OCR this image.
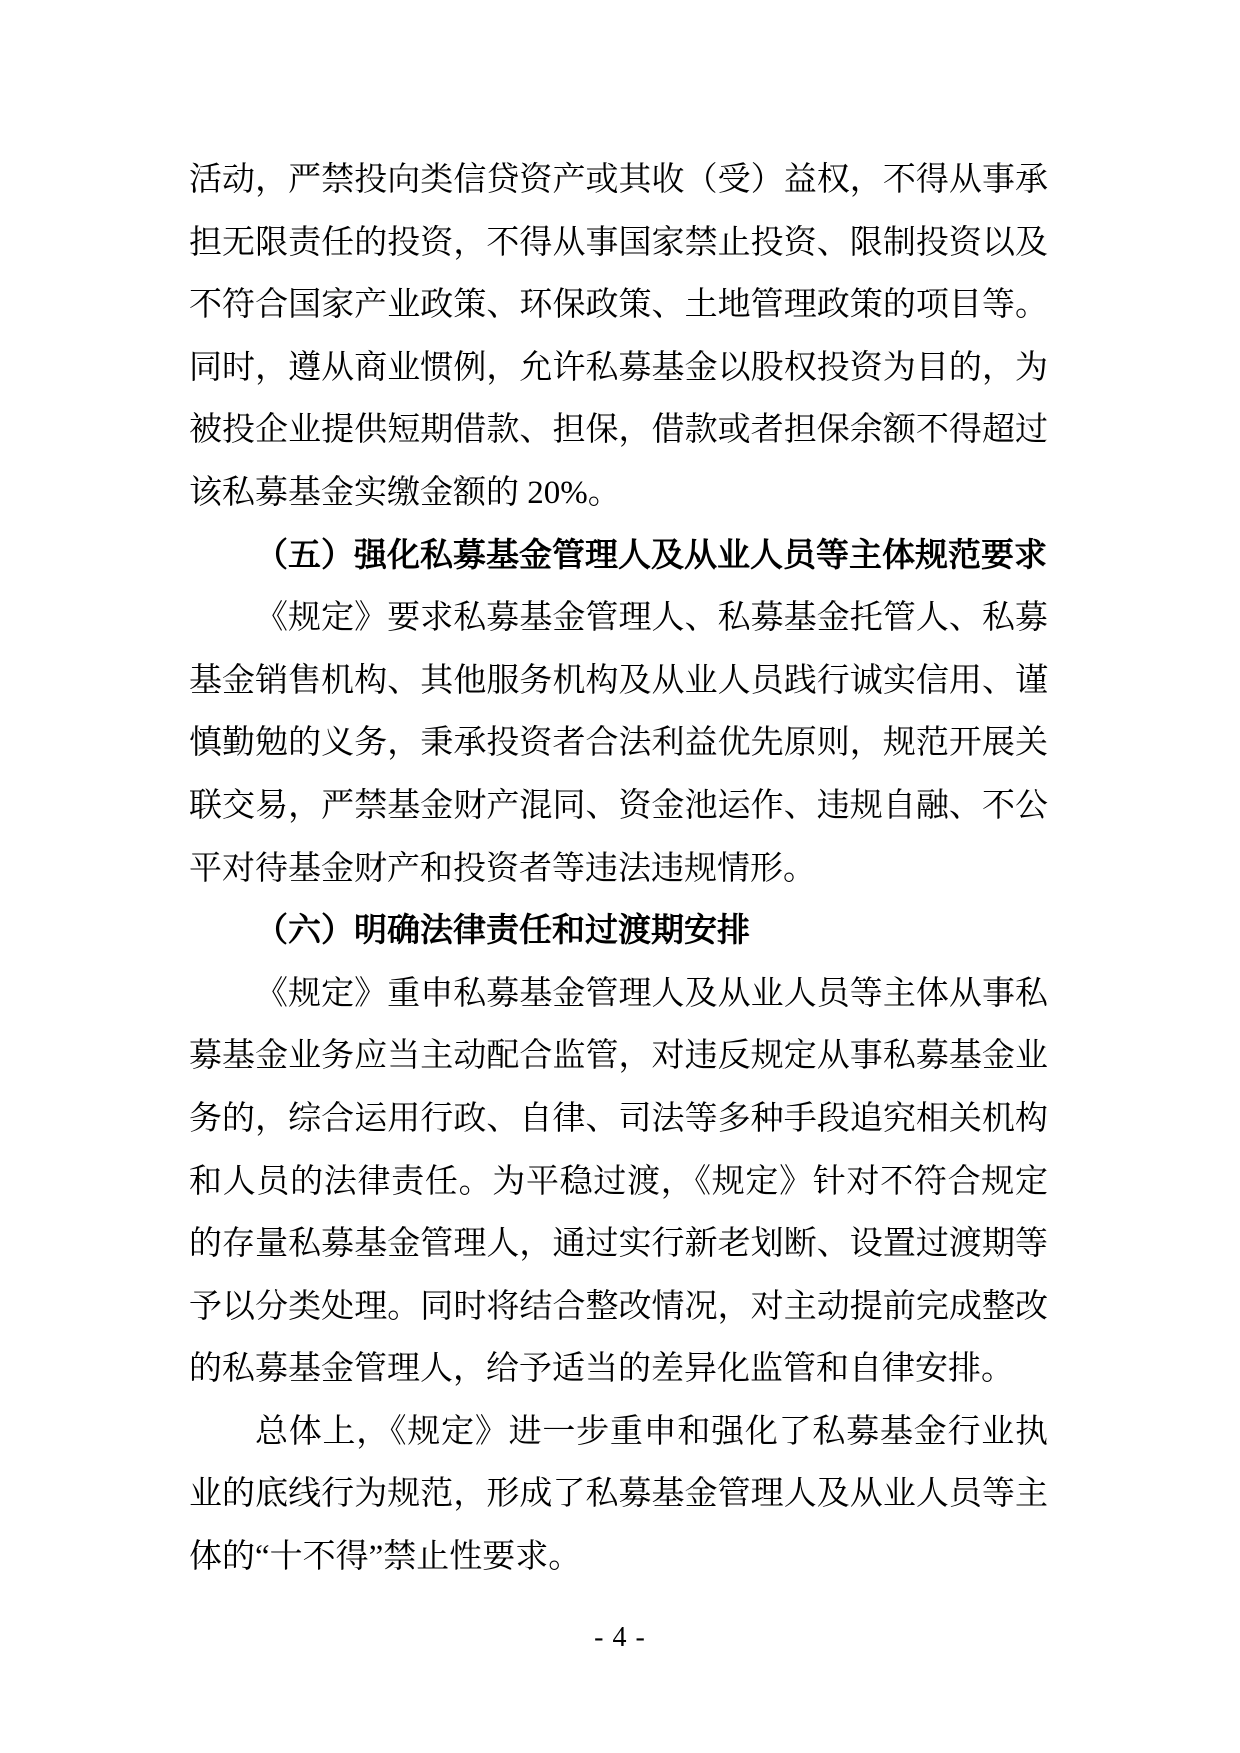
活动，严禁投向类信贷资产或其收（受）益权，不得从事承
担无限责任的投资，不得从事国家禁止投资、限制投资以及
不符合国家产业政策、环保政策、土地管理政策的项目等。
同时，遵从商业惯例，允许私募基金以股权投资为目的，为
被投企业提供短期借款、担保，借款或者担保余额不得超过
该私募基金实缴金额的 20%。
（五）强化私募基金管理人及从业人员等主体规范要求
《规定》要求私募基金管理人、私募基金托管人、私募
基金销售机构、其他服务机构及从业人员践行诚实信用、谨
慎勤勉的义务，秉承投资者合法利益优先原则，规范开展关
联交易，严禁基金财产混同、资金池运作、违规自融、不公
平对待基金财产和投资者等违法违规情形。
（六）明确法律责任和过渡期安排
《规定》重申私募基金管理人及从业人员等主体从事私
募基金业务应当主动配合监管，对违反规定从事私募基金业
务的，综合运用行政、自律、司法等多种手段追究相关机构
和人员的法律责任。为平稳过渡，《规定》针对不符合规定
的存量私募基金管理人，通过实行新老划断、设置过渡期等
予以分类处理。同时将结合整改情况，对主动提前完成整改
的私募基金管理人，给予适当的差异化监管和自律安排。
总体上，《规定》进一步重申和强化了私募基金行业执
业的底线行为规范，形成了私募基金管理人及从业人员等主
体的“十不得”禁止性要求。
- 4 -
